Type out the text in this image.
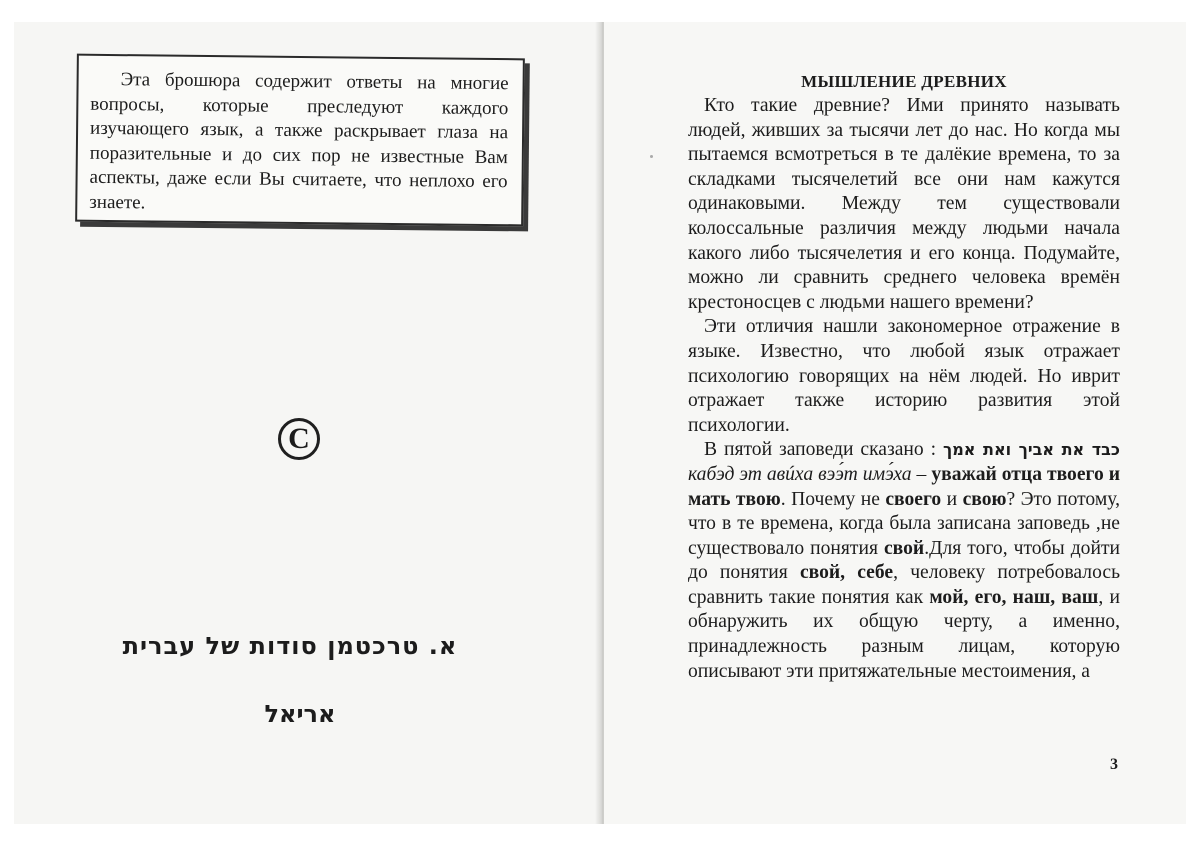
Эта брошюра содержит ответы на многие вопросы, которые преследуют каждого изучающего язык, а также раскрывает глаза на поразительные и до сих пор не известные Вам аспекты, даже если Вы считаете, что неплохо его знаете.

C
א. טרכטמן סודות של עברית
אריאל

МЫШЛЕНИЕ ДРЕВНИХ

Кто такие древние? Ими принято называть людей, живших за тысячи лет до нас. Но когда мы пытаемся всмотреться в те далёкие времена, то за складками тысячелетий все они нам кажутся одинаковыми. Между тем существовали колоссальные различия между людьми начала какого либо тысячелетия и его конца. Подумайте, можно ли сравнить среднего человека времён крестоносцев с людьми нашего времени?

Эти отличия нашли закономерное отражение в языке. Известно, что любой язык отражает психологию говорящих на нём людей. Но иврит отражает также историю развития этой психологии.

В пятой заповеди сказано : כבד את אביך ואת אמך кабэд эт авúха вээ́т имэ́ха – уважай отца твоего и мать твою. Почему не своего и свою? Это потому, что в те времена, когда была записана заповедь ,не существовало понятия свой.Для того, чтобы дойти до понятия свой, себе, человеку потребовалось сравнить такие понятия как мой, его, наш, ваш, и обнаружить их общую черту, а именно, принадлежность разным лицам, которую описывают эти притяжательные местоимения, а

3
